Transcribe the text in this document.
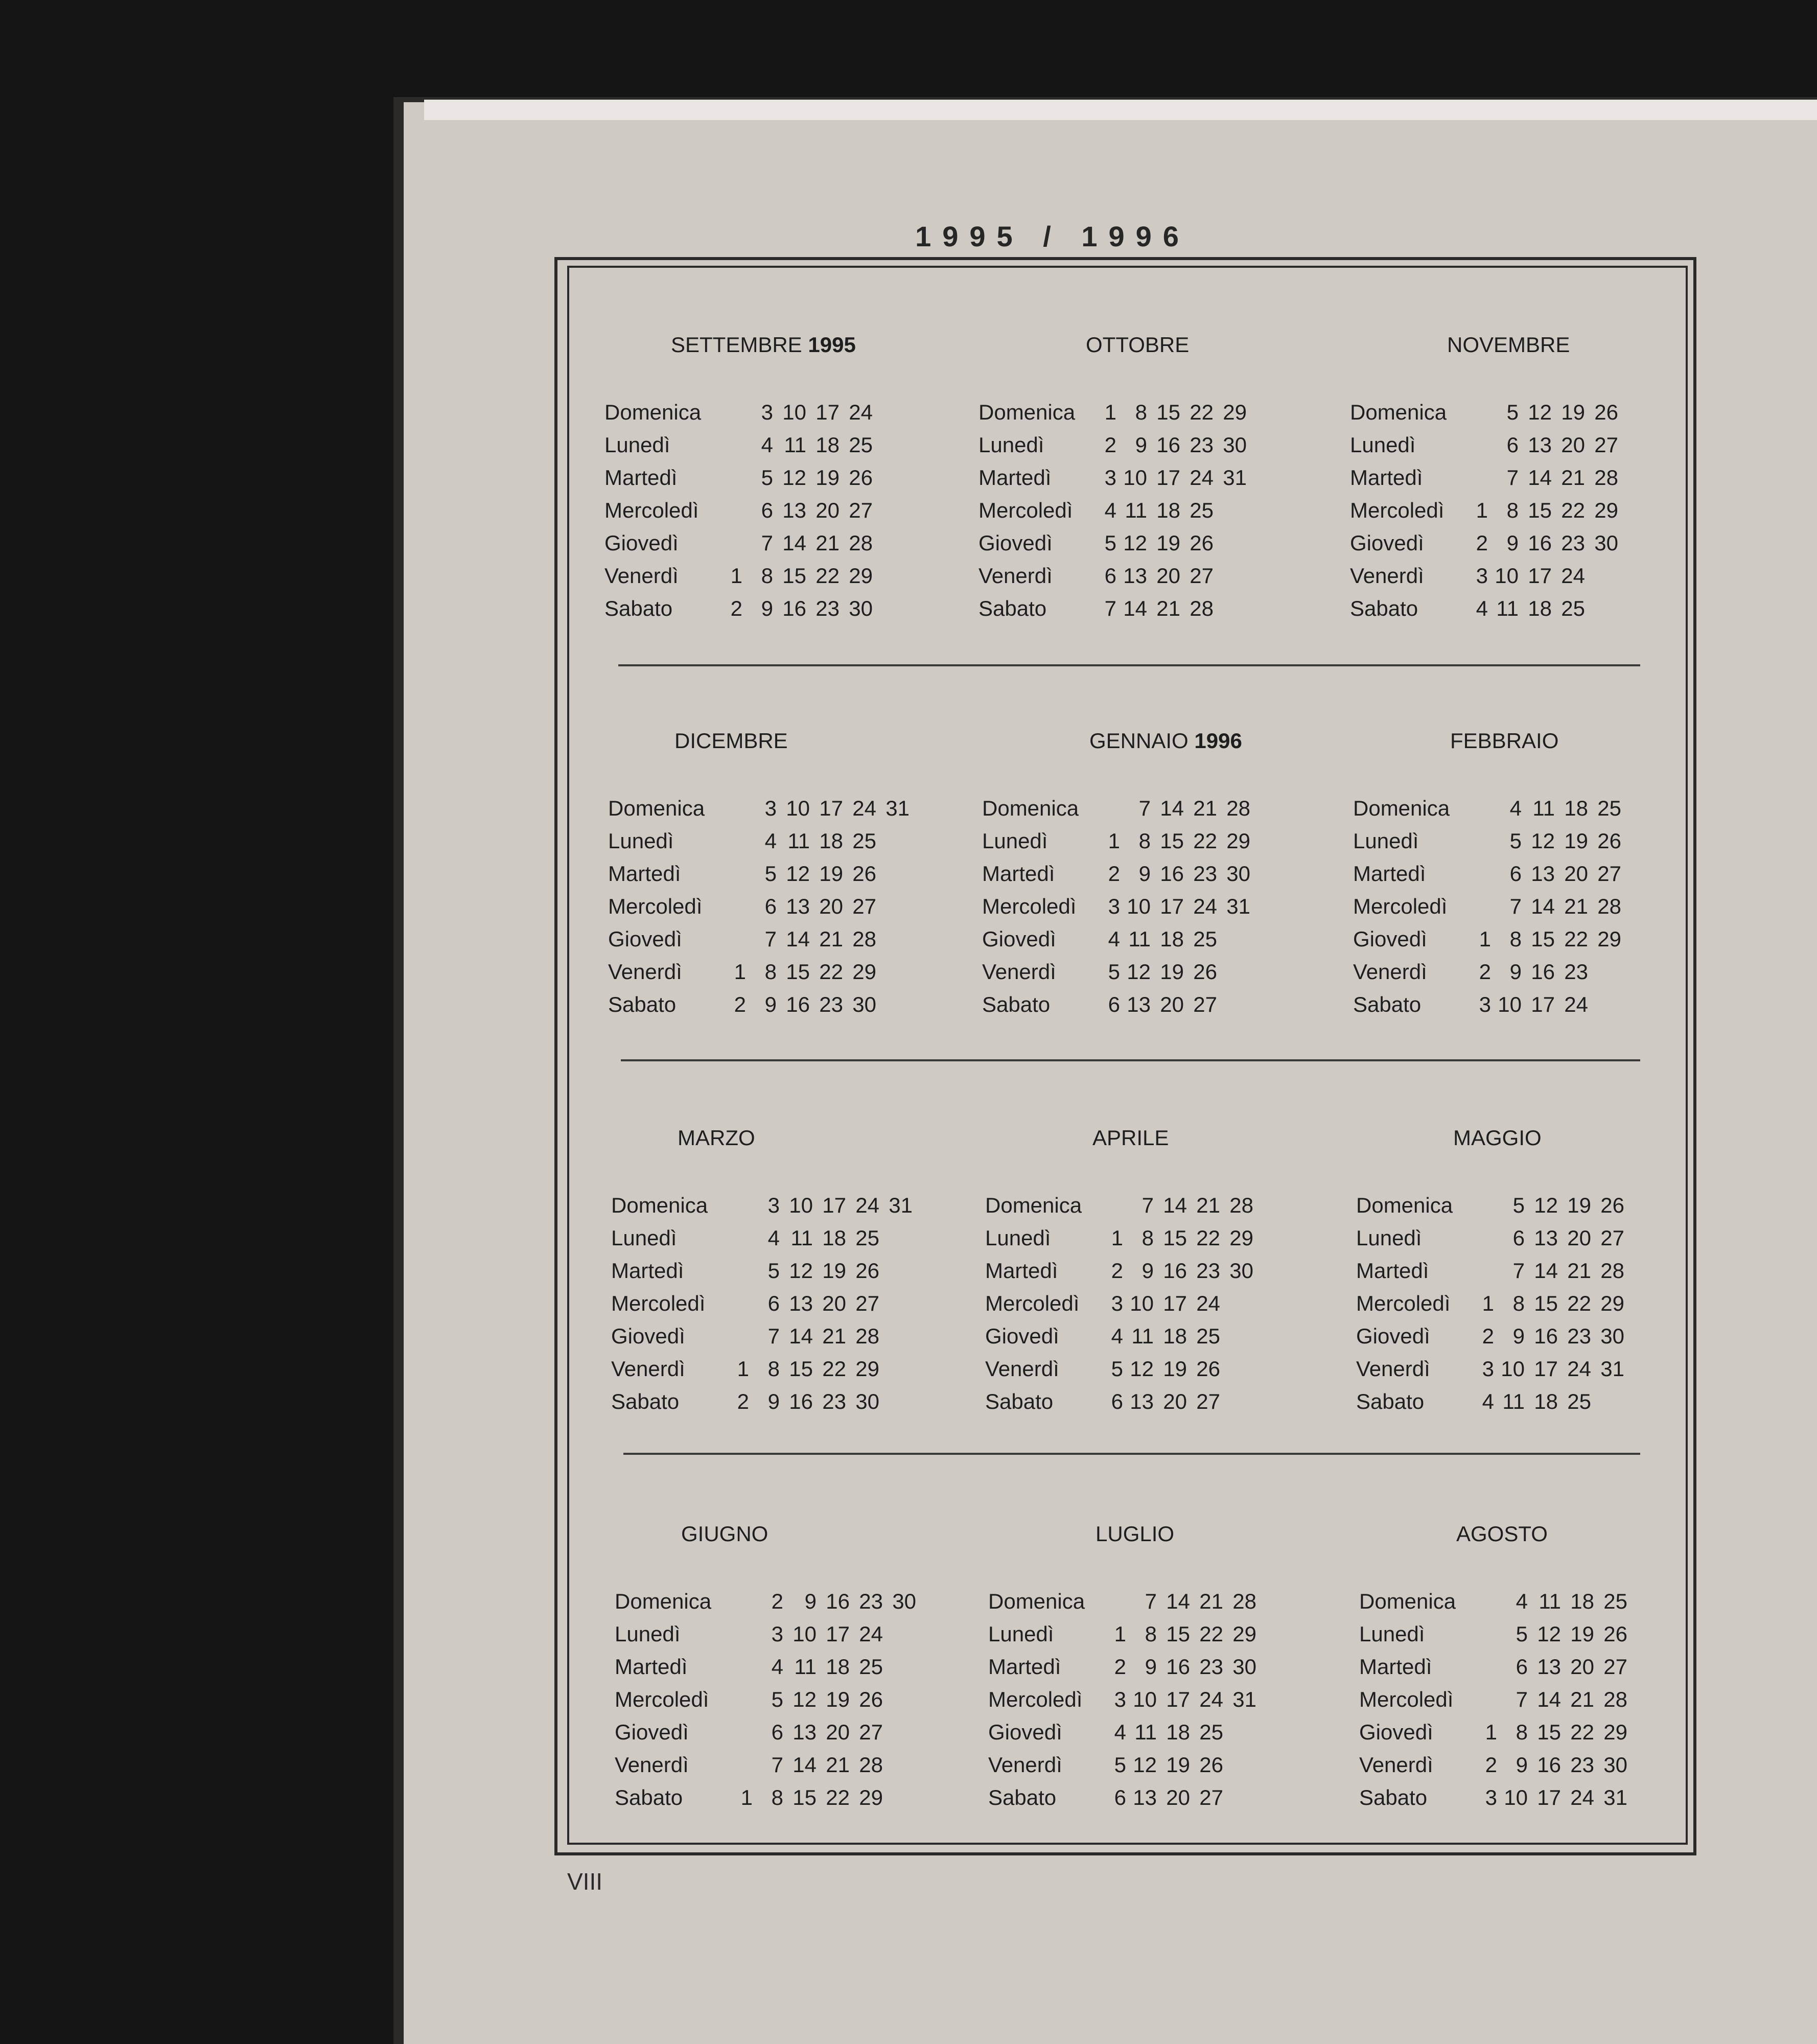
1995 / 1996
SETTEMBRE 1995
Domenica	3 10 17 24
Lunedì	4 11 18 25
Martedì	5 12 19 26
Mercoledì	6 13 20 27
Giovedì	7 14 21 28
Venerdì	1 8 15 22 29
Sabato	2 9 16 23 30
OTTOBRE
Domenica	1 8 15 22 29
Lunedì	2 9 16 23 30
Martedì	3 10 17 24 31
Mercoledì	4 11 18 25
Giovedì	5 12 19 26
Venerdì	6 13 20 27
Sabato	7 14 21 28
NOVEMBRE
Domenica	5 12 19 26
Lunedì	6 13 20 27
Martedì	7 14 21 28
Mercoledì	1 8 15 22 29
Giovedì	2 9 16 23 30
Venerdì	3 10 17 24
Sabato	4 11 18 25
DICEMBRE
Domenica	3 10 17 24 31
Lunedì	4 11 18 25
Martedì	5 12 19 26
Mercoledì	6 13 20 27
Giovedì	7 14 21 28
Venerdì	1 8 15 22 29
Sabato	2 9 16 23 30
GENNAIO 1996
Domenica	7 14 21 28
Lunedì	1 8 15 22 29
Martedì	2 9 16 23 30
Mercoledì	3 10 17 24 31
Giovedì	4 11 18 25
Venerdì	5 12 19 26
Sabato	6 13 20 27
FEBBRAIO
Domenica	4 11 18 25
Lunedì	5 12 19 26
Martedì	6 13 20 27
Mercoledì	7 14 21 28
Giovedì	1 8 15 22 29
Venerdì	2 9 16 23
Sabato	3 10 17 24
MARZO
Domenica	3 10 17 24 31
Lunedì	4 11 18 25
Martedì	5 12 19 26
Mercoledì	6 13 20 27
Giovedì	7 14 21 28
Venerdì	1 8 15 22 29
Sabato	2 9 16 23 30
APRILE
Domenica	7 14 21 28
Lunedì	1 8 15 22 29
Martedì	2 9 16 23 30
Mercoledì	3 10 17 24
Giovedì	4 11 18 25
Venerdì	5 12 19 26
Sabato	6 13 20 27
MAGGIO
Domenica	5 12 19 26
Lunedì	6 13 20 27
Martedì	7 14 21 28
Mercoledì	1 8 15 22 29
Giovedì	2 9 16 23 30
Venerdì	3 10 17 24 31
Sabato	4 11 18 25
GIUGNO
Domenica	2 9 16 23 30
Lunedì	3 10 17 24
Martedì	4 11 18 25
Mercoledì	5 12 19 26
Giovedì	6 13 20 27
Venerdì	7 14 21 28
Sabato	1 8 15 22 29
LUGLIO
Domenica	7 14 21 28
Lunedì	1 8 15 22 29
Martedì	2 9 16 23 30
Mercoledì	3 10 17 24 31
Giovedì	4 11 18 25
Venerdì	5 12 19 26
Sabato	6 13 20 27
AGOSTO
Domenica	4 11 18 25
Lunedì	5 12 19 26
Martedì	6 13 20 27
Mercoledì	7 14 21 28
Giovedì	1 8 15 22 29
Venerdì	2 9 16 23 30
Sabato	3 10 17 24 31
VIII
